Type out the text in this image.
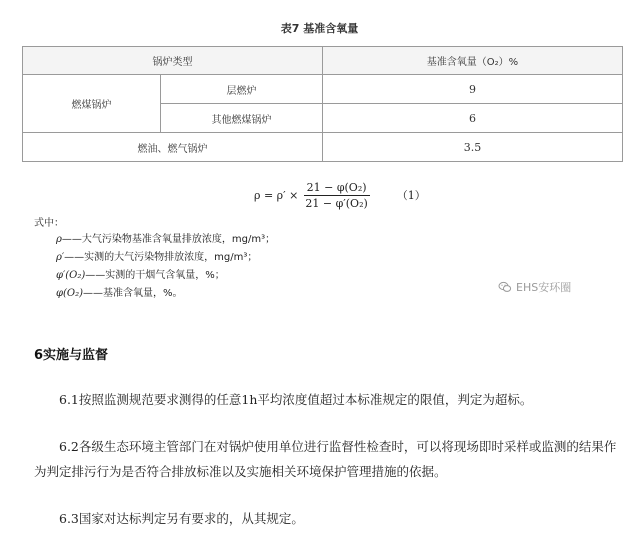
表7 基准含氧量
锅炉类型		基准含氧量（O₂）%
燃煤锅炉	层燃炉	9
	其他燃煤锅炉	6
燃油、燃气锅炉		3.5
$\rho = \rho' \times \frac{\text{21 − φ(O₂)}}{\text{21 − φ′(O₂)}} (1)$
式中：
ρ——大气污染物基准含氧量排放浓度，mg/m³；
ρ′——实测的大气污染物排放浓度，mg/m³；
φ′(O₂)——实测的干烟气含氧量，%；
φ(O₂)——基准含氧量，%。	EHS安环圈
6实施与监督
6.1按照监测规范要求测得的任意1h平均浓度值超过本标准规定的限值，判定为超标。
6.2各级生态环境主管部门在对锅炉使用单位进行监督性检查时，可以将现场即时采样或监测的结果作为判定排污行为是否符合排放标准以及实施相关环境保护管理措施的依据。
6.3国家对达标判定另有要求的，从其规定。
